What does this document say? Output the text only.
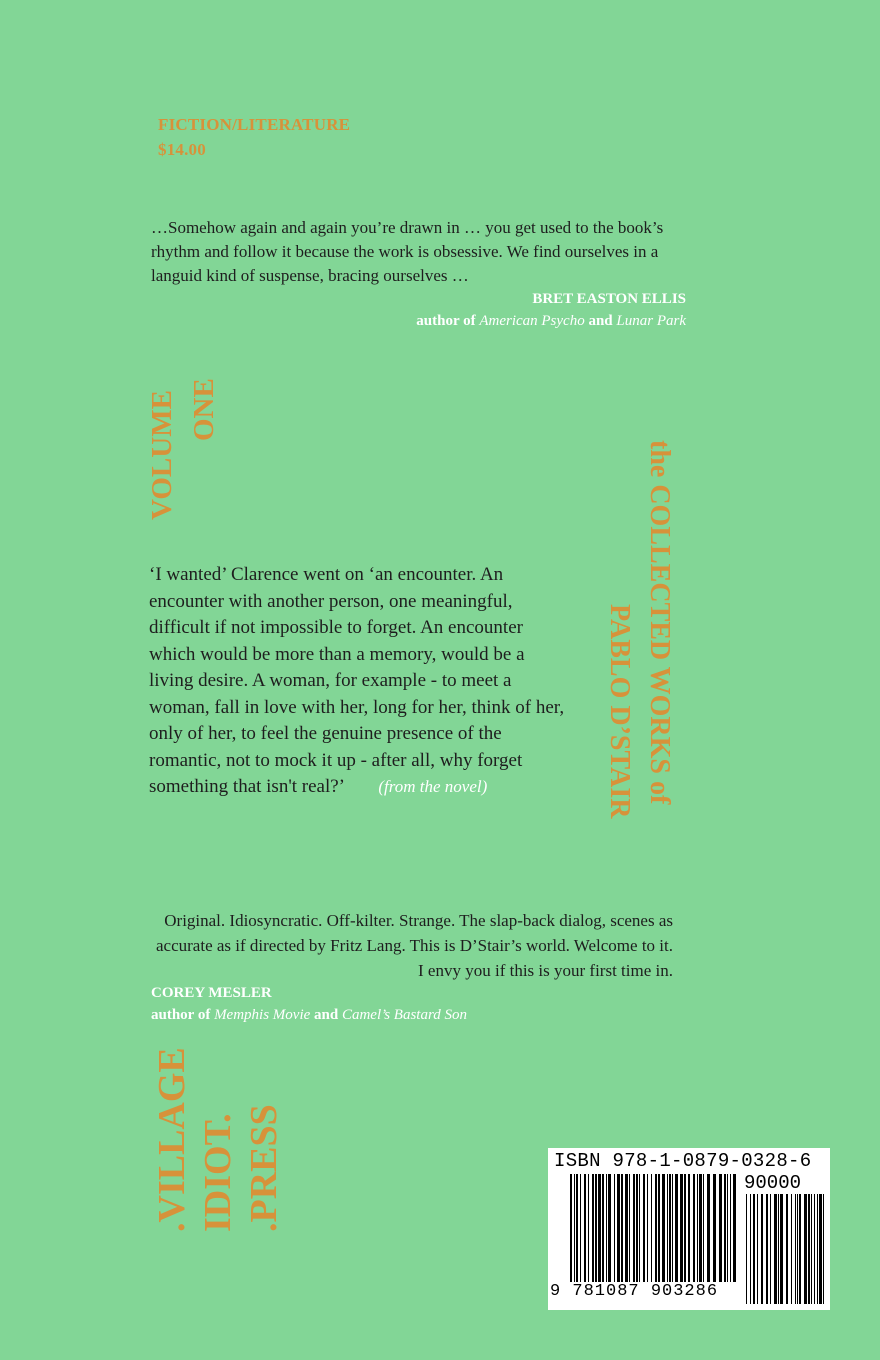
FICTION/LITERATURE
$14.00
…Somehow again and again you’re drawn in … you get used to the book’s rhythm and follow it because the work is obsessive. We find ourselves in a languid kind of suspense, bracing ourselves …
BRET EASTON ELLIS
author of American Psycho and Lunar Park
VOLUME ONE
the COLLECTED WORKS of
PABLO D’STAIR
‘I wanted’ Clarence went on ‘an encounter. An encounter with another person, one meaningful, difficult if not impossible to forget. An encounter which would be more than a memory, would be a living desire. A woman, for example - to meet a woman, fall in love with her, long for her, think of her, only of her, to feel the genuine presence of the romantic, not to mock it up - after all, why forget something that isn't real?’ (from the novel)
Original. Idiosyncratic. Off-kilter. Strange. The slap-back dialog, scenes as accurate as if directed by Fritz Lang. This is D’Stair’s world. Welcome to it. I envy you if this is your first time in.
COREY MESLER
author of Memphis Movie and Camel’s Bastard Son
.VILLAGE IDIOT. .PRESS	ISBN 978-1-0879-0328-6
90000
9 781087 903286
